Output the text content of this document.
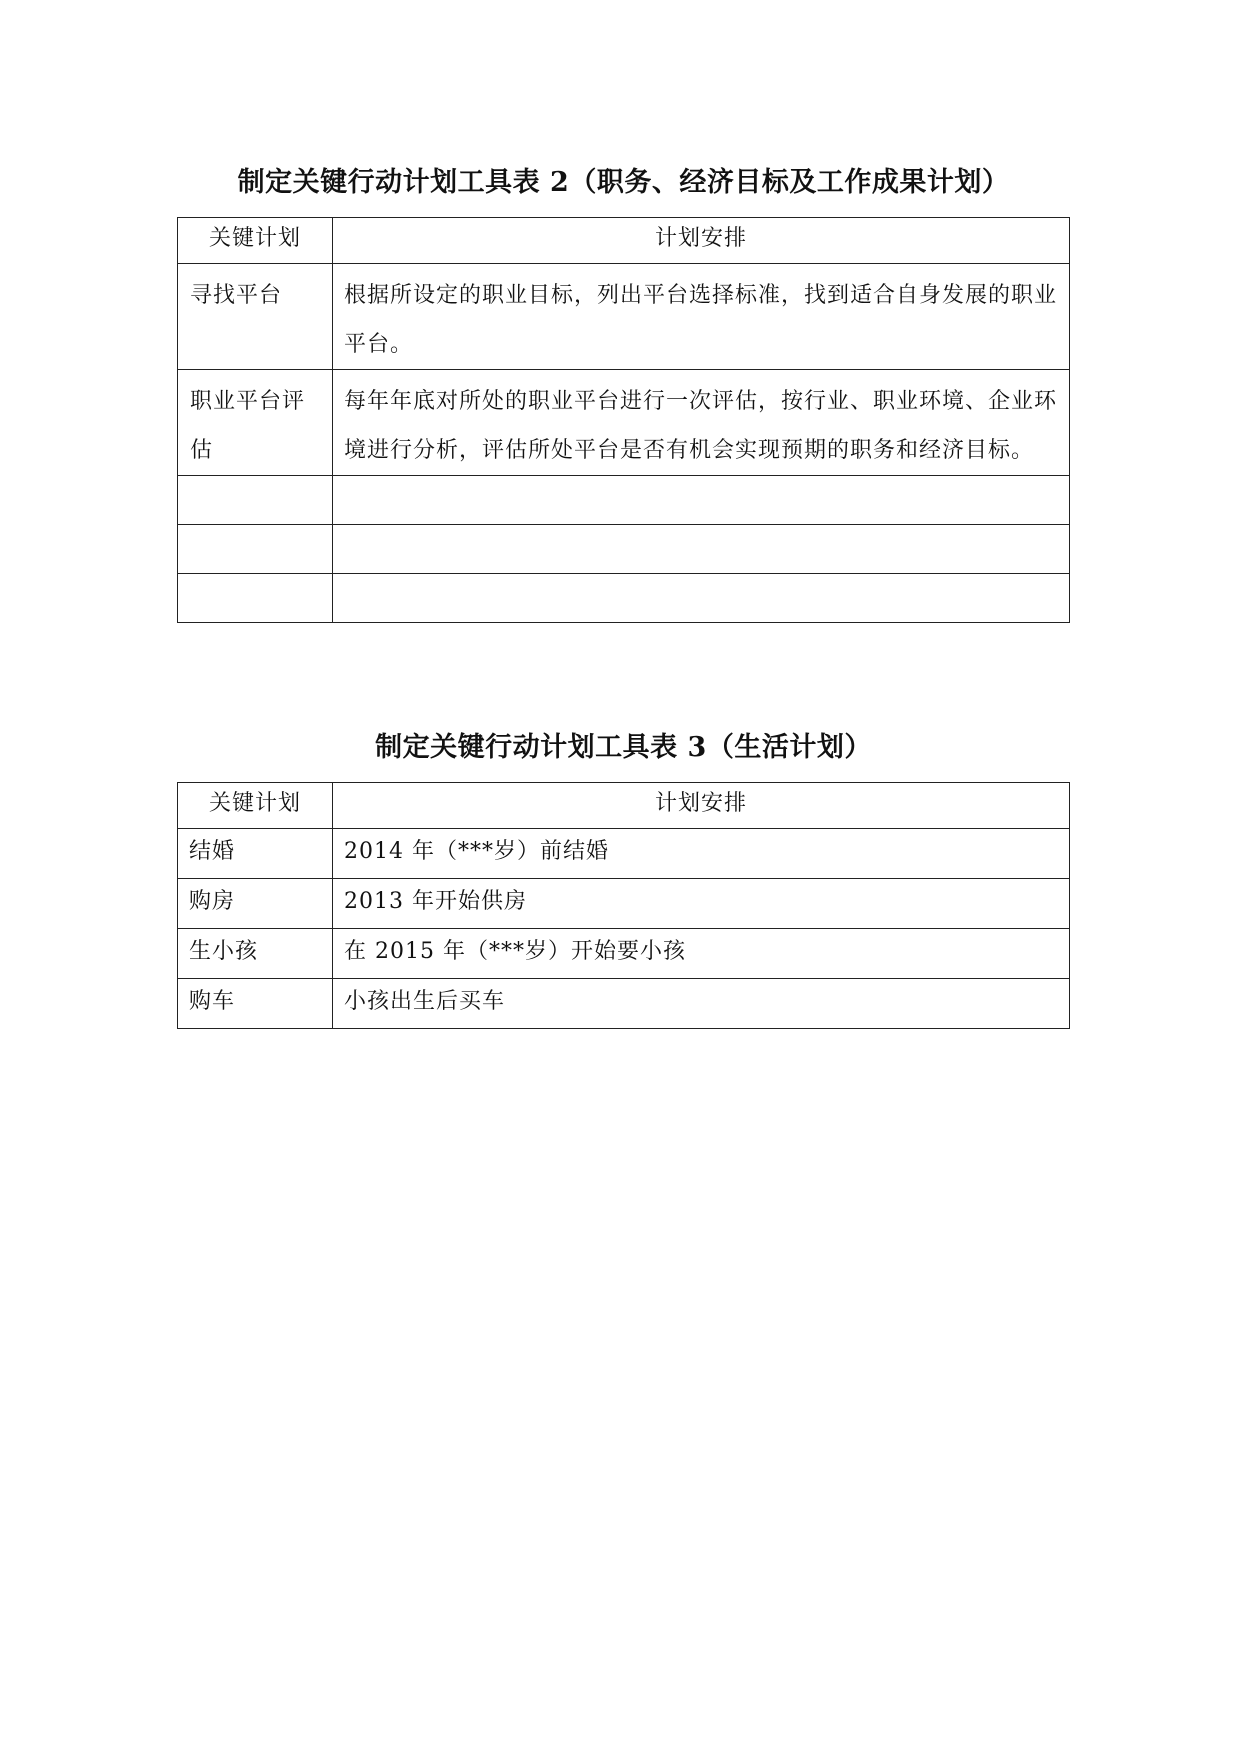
制定关键行动计划工具表 2（职务、经济目标及工作成果计划）
关键计划	计划安排
寻找平台	根据所设定的职业目标，列出平台选择标准，找到适合自身发展的职业平台。
职业平台评估	每年年底对所处的职业平台进行一次评估，按行业、职业环境、企业环境进行分析，评估所处平台是否有机会实现预期的职务和经济目标。

制定关键行动计划工具表 3（生活计划）
关键计划	计划安排
结婚	2014 年（***岁）前结婚
购房	2013 年开始供房
生小孩	在 2015 年（***岁）开始要小孩
购车	小孩出生后买车
